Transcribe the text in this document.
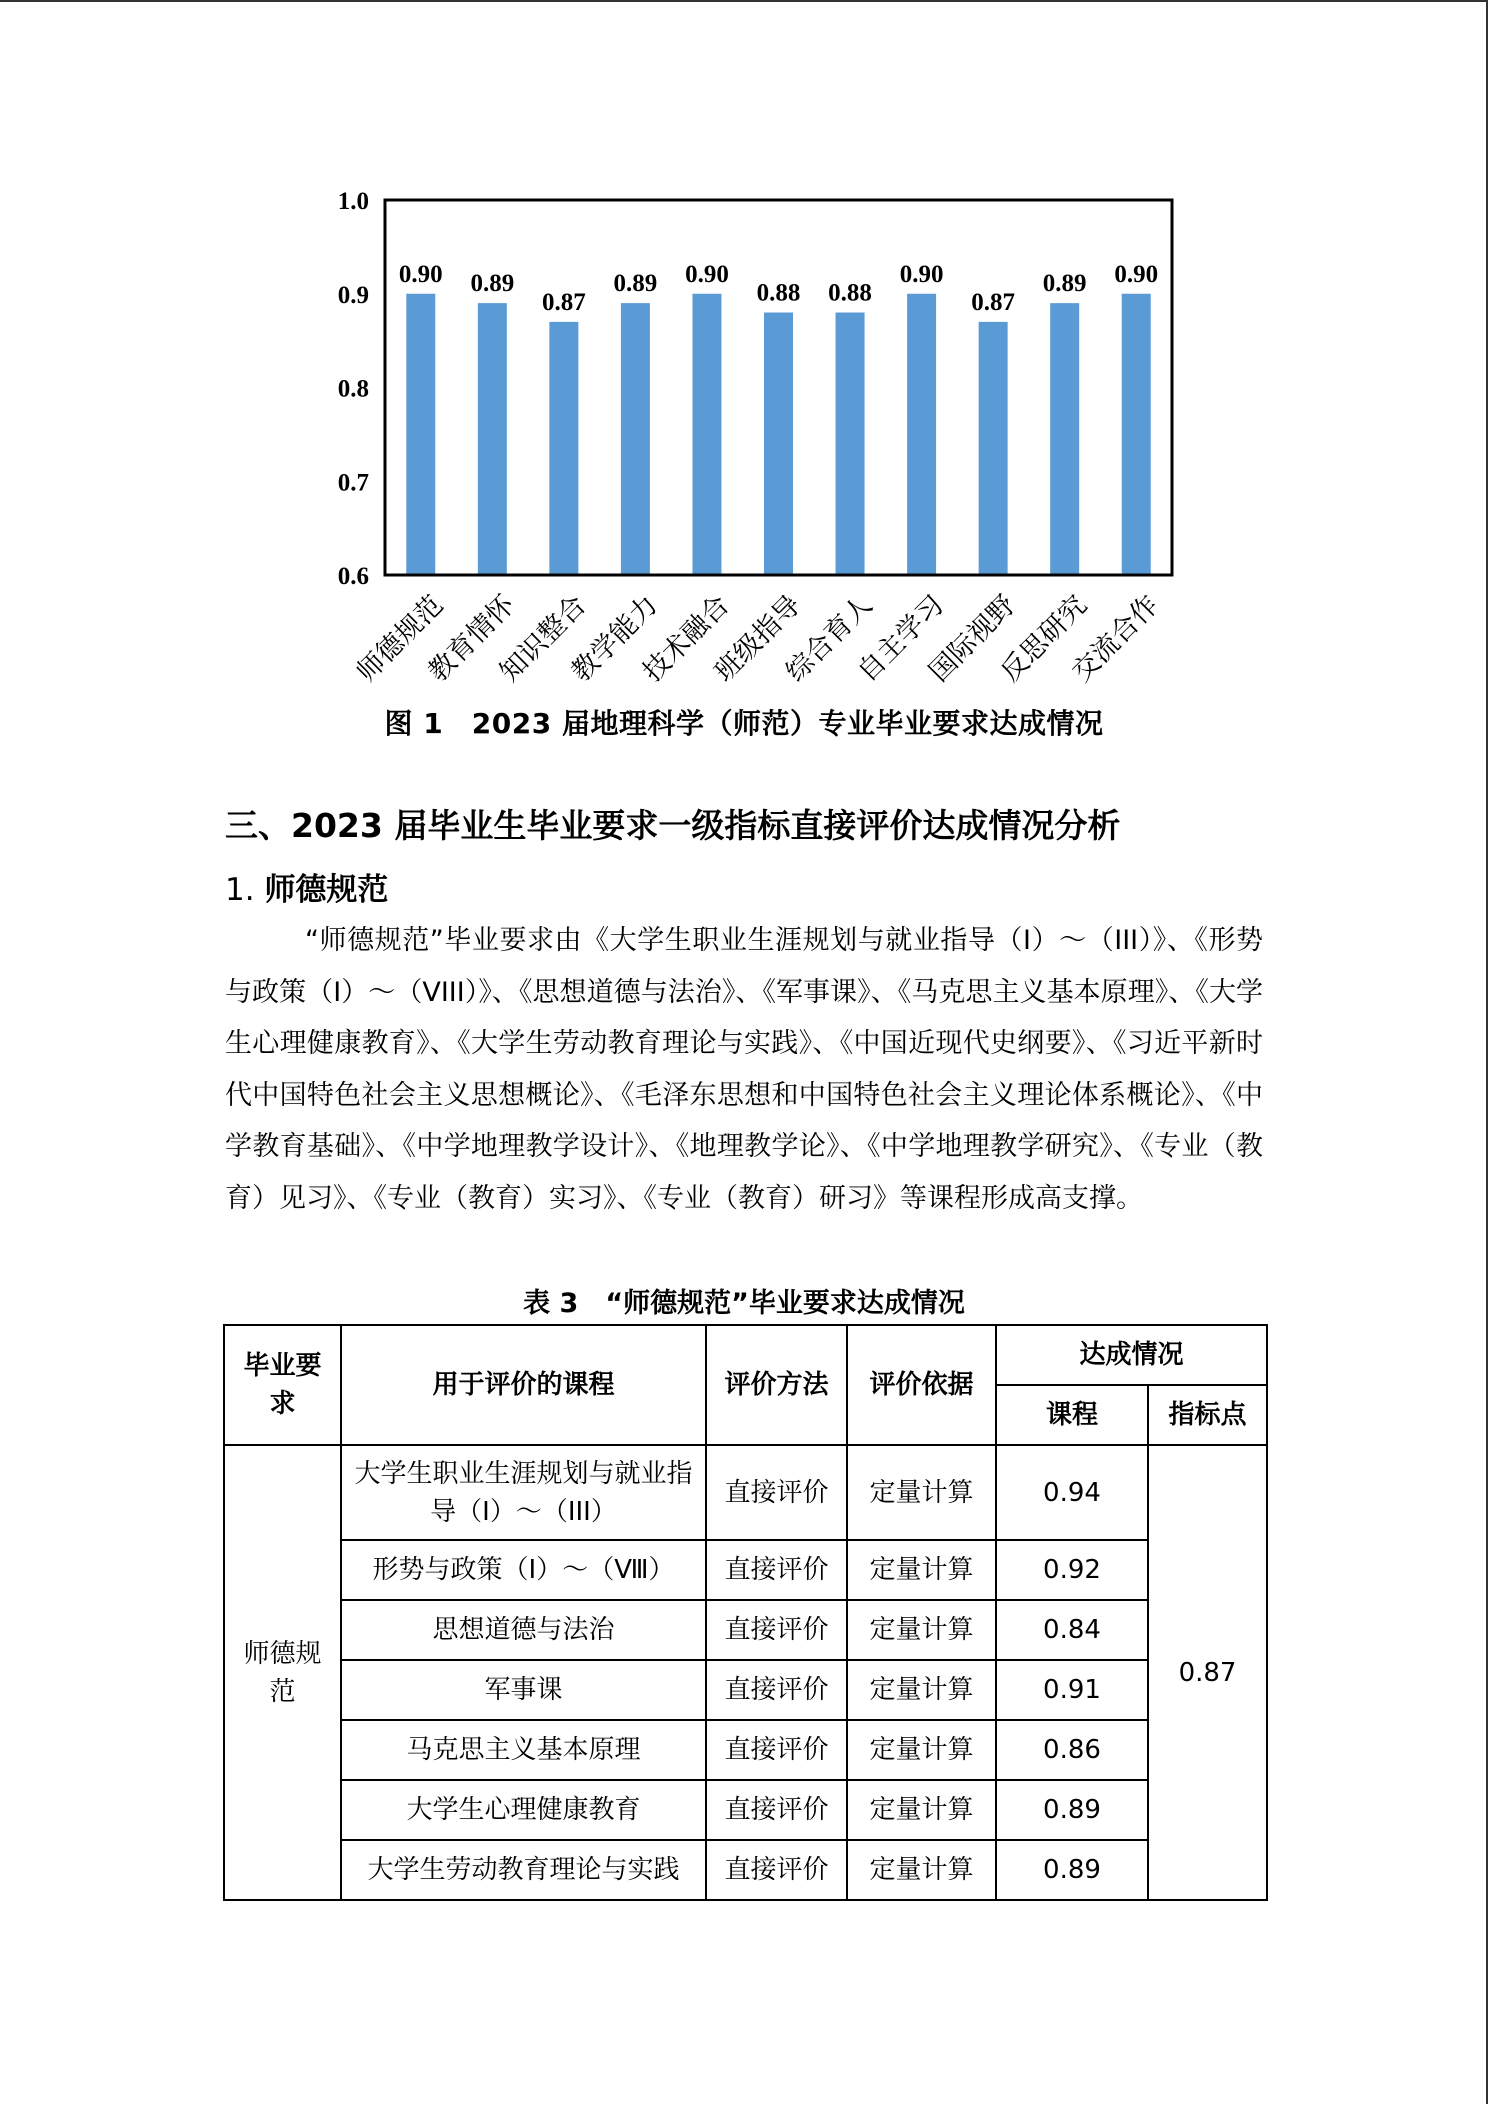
0.6
0.7
0.8
0.9
1.0
0.90 0.89
0.87
0.89 0.90
0.88 0.88
0.90
0.87
0.89 0.90
师德规范
教育情怀
知识整合
教学能力
技术融合
班级指导
综合育人
自主学习
国际视野
反思研究
交流合作
图 1　2023 届地理科学（师范）专业毕业要求达成情况
三、2023 届毕业生毕业要求一级指标直接评价达成情况分析
1. 师德规范

“师德规范”毕业要求由《大学生职业生涯规划与就业指导（I）～（III）》、《形势与政策（I）～（VIII）》、《思想道德与法治》、《军事课》、《马克思主义基本原理》、《大学生心理健康教育》、《大学生劳动教育理论与实践》、《中国近现代史纲要》、《习近平新时代中国特色社会主义思想概论》、《毛泽东思想和中国特色社会主义理论体系概论》、《中学教育基础》、《中学地理教学设计》、《地理教学论》、《中学地理教学研究》、《专业（教育）见习》、《专业（教育）实习》、《专业（教育）研习》等课程形成高支撑。

表 3　“师德规范”毕业要求达成情况
毕业要求	用于评价的课程	评价方法	评价依据	达成情况	
				课程	指标点
师德规范	大学生职业生涯规划与就业指导（I）～（III）	直接评价	定量计算	0.94	0.87
	形势与政策（I）～（Ⅷ）	直接评价	定量计算	0.92	
	思想道德与法治	直接评价	定量计算	0.84	
	军事课	直接评价	定量计算	0.91	
	马克思主义基本原理	直接评价	定量计算	0.86	
	大学生心理健康教育	直接评价	定量计算	0.89	
	大学生劳动教育理论与实践	直接评价	定量计算	0.89	
